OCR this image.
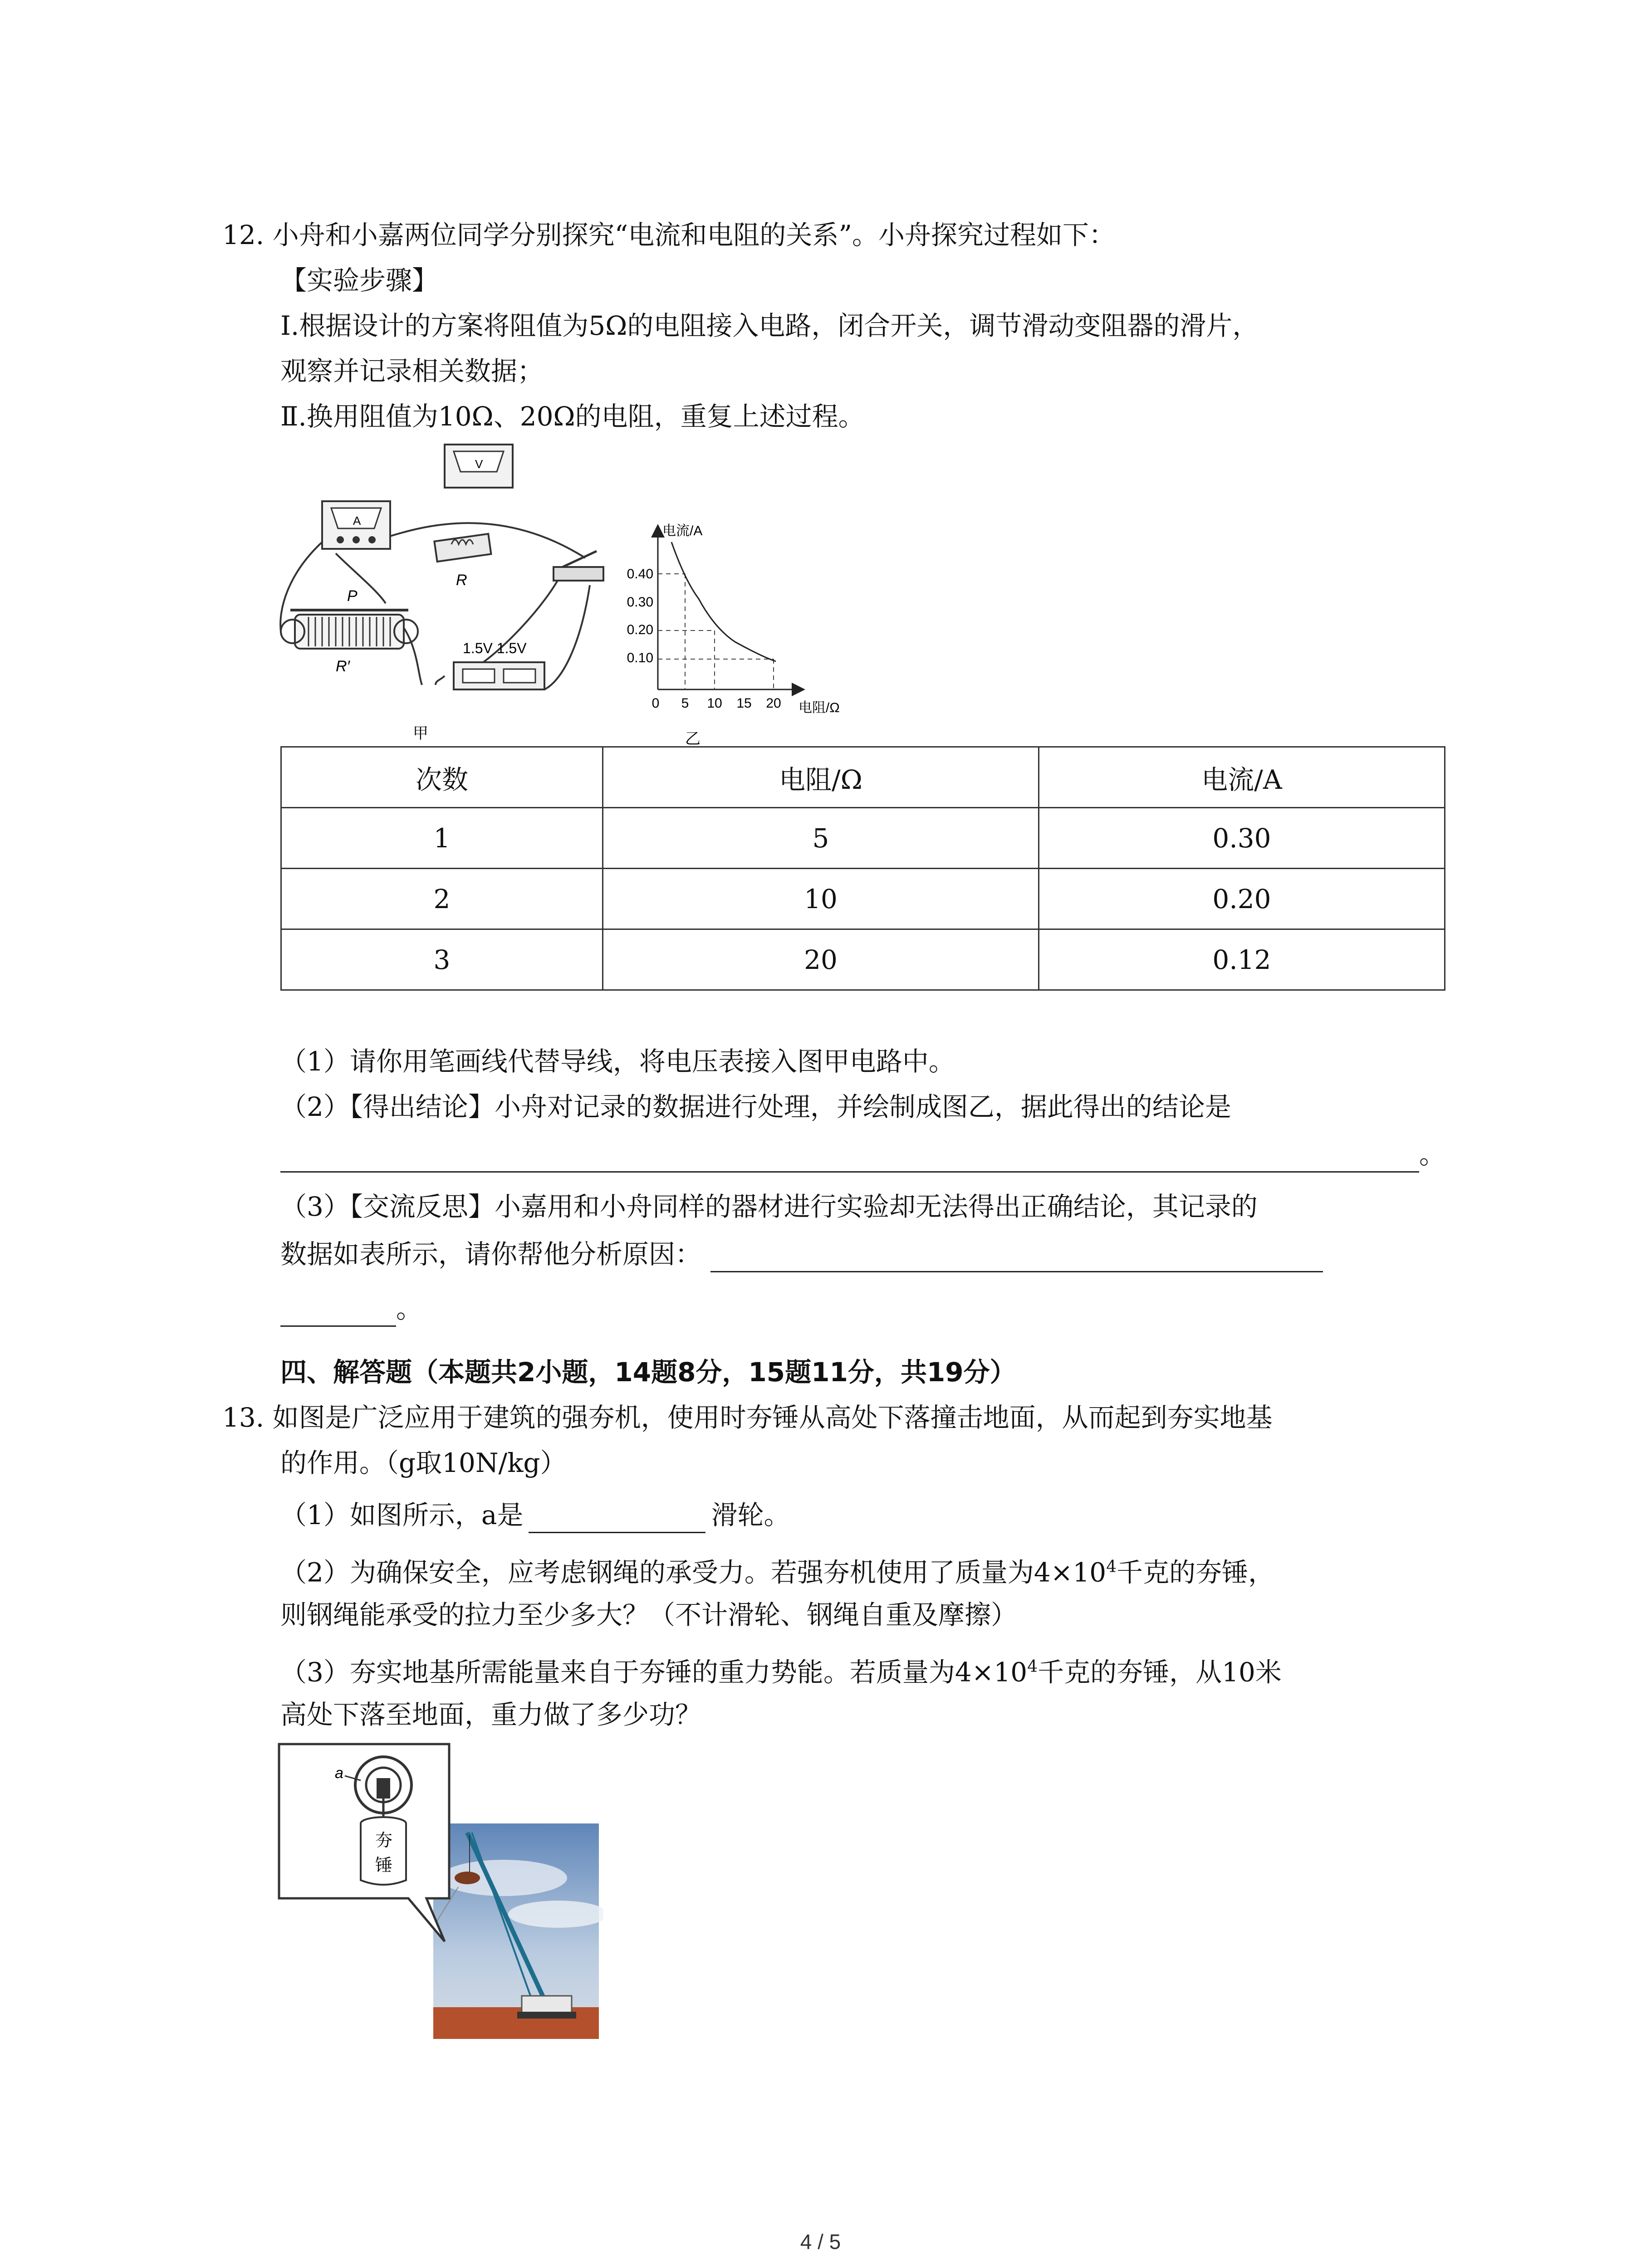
12. 小舟和小嘉两位同学分别探究“电流和电阻的关系”。小舟探究过程如下：
【实验步骤】
Ⅰ.根据设计的方案将阻值为5Ω的电阻接入电路，闭合开关，调节滑动变阻器的滑片，
观察并记录相关数据；
Ⅱ.换用阻值为10Ω、20Ω的电阻，重复上述过程。
V
A
R
P
R′
1.5V 1.5V
甲
电流/A
0.40
0.30
0.20
0.10
0 5 10 15 20 电阻/Ω
乙
次数	电阻/Ω	电流/A
1	5	0.30
2	10	0.20
3	20	0.12
（1）请你用笔画线代替导线，将电压表接入图甲电路中。
（2）【得出结论】小舟对记录的数据进行处理，并绘制成图乙，据此得出的结论是
。
（3）【交流反思】小嘉用和小舟同样的器材进行实验却无法得出正确结论，其记录的
数据如表所示，请你帮他分析原因：
。
四、解答题（本题共2小题，14题8分，15题11分，共19分）
13. 如图是广泛应用于建筑的强夯机，使用时夯锤从高处下落撞击地面，从而起到夯实地基
的作用。（g取10N/kg）
（1）如图所示，a是	滑轮。
（2）为确保安全，应考虑钢绳的承受力。若强夯机使用了质量为$4\times 10^4$千克的夯锤，
则钢绳能承受的拉力至少多大？（不计滑轮、钢绳自重及摩擦）
（3）夯实地基所需能量来自于夯锤的重力势能。若质量为$4\times 10^4$千克的夯锤，从10米
高处下落至地面，重力做了多少功？
a
夯
锤
4 / 5
